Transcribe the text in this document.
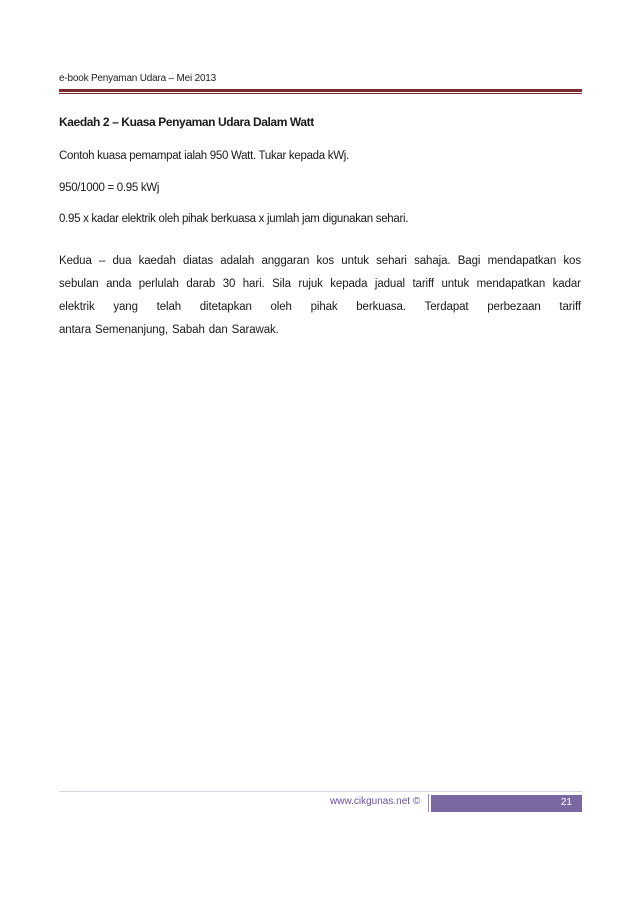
e-book Penyaman Udara – Mei 2013
Kaedah 2 – Kuasa Penyaman Udara Dalam Watt
Contoh kuasa pemampat ialah 950 Watt. Tukar kepada kWj.
950/1000 = 0.95 kWj
0.95 x kadar elektrik oleh pihak berkuasa x jumlah jam digunakan sehari.
Kedua – dua kaedah diatas adalah anggaran kos untuk sehari sahaja. Bagi mendapatkan kos
sebulan anda perlulah darab 30 hari. Sila rujuk kepada jadual tariff untuk mendapatkan kadar
elektrik yang telah ditetapkan oleh pihak berkuasa. Terdapat perbezaan tariff
antara Semenanjung, Sabah dan Sarawak.
www.cikgunas.net ©	21
